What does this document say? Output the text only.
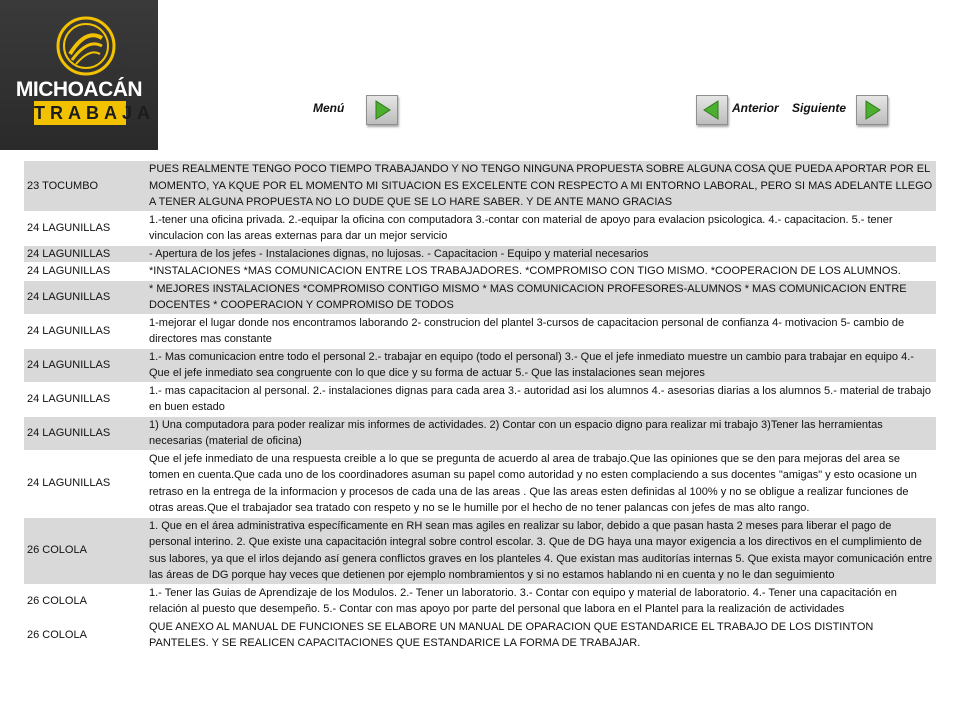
MICHOACÁN
TRABAJA	Menú	Anterior Siguiente
23 TOCUMBO	PUES REALMENTE TENGO POCO TIEMPO TRABAJANDO Y NO TENGO NINGUNA PROPUESTA SOBRE ALGUNA COSA QUE PUEDA APORTAR POR EL MOMENTO, YA KQUE POR EL MOMENTO MI SITUACION ES EXCELENTE CON RESPECTO A MI ENTORNO LABORAL, PERO SI MAS ADELANTE LLEGO A TENER ALGUNA PROPUESTA NO LO DUDE QUE SE LO HARE SABER. Y DE ANTE MANO GRACIAS
24 LAGUNILLAS	1.-tener una oficina privada. 2.-equipar la oficina con computadora 3.-contar con material de apoyo para evalacion psicologica. 4.- capacitacion. 5.- tener vinculacion con las areas externas para dar un mejor servicio
24 LAGUNILLAS	- Apertura de los jefes - Instalaciones dignas, no lujosas. - Capacitacion - Equipo y material necesarios
24 LAGUNILLAS	*INSTALACIONES *MAS COMUNICACION ENTRE LOS TRABAJADORES. *COMPROMISO CON TIGO MISMO. *COOPERACION DE LOS ALUMNOS.
24 LAGUNILLAS	* MEJORES INSTALACIONES *COMPROMISO CONTIGO MISMO * MAS COMUNICACION PROFESORES-ALUMNOS * MAS COMUNICACION ENTRE DOCENTES * COOPERACION Y COMPROMISO DE TODOS
24 LAGUNILLAS	1-mejorar el lugar donde nos encontramos laborando 2- construcion del plantel 3-cursos de capacitacion personal de confianza 4- motivacion 5- cambio de directores mas constante
24 LAGUNILLAS	1.- Mas comunicacion entre todo el personal 2.- trabajar en equipo (todo el personal) 3.- Que el jefe inmediato muestre un cambio para trabajar en equipo 4.- Que el jefe inmediato sea congruente con lo que dice y su forma de actuar 5.- Que las instalaciones sean mejores
24 LAGUNILLAS	1.- mas capacitacion al personal. 2.- instalaciones dignas para cada area 3.- autoridad asi los alumnos 4.- asesorias diarias a los alumnos 5.- material de trabajo en buen estado
24 LAGUNILLAS	1) Una computadora para poder realizar mis informes de actividades. 2) Contar con un espacio digno para realizar mi trabajo 3)Tener las herramientas necesarias (material de oficina)
24 LAGUNILLAS	Que el jefe inmediato de una respuesta creible a lo que se pregunta de acuerdo al area de trabajo.Que las opiniones que se den para mejoras del area se tomen en cuenta.Que cada uno de los coordinadores asuman su papel como autoridad y no esten complaciendo a sus docentes "amigas" y esto ocasione un retraso en la entrega de la informacion y procesos de cada una de las areas . Que las areas esten definidas al 100% y no se obligue a realizar funciones de otras areas.Que el trabajador sea tratado con respeto y no se le humille por el hecho de no tener palancas con jefes de mas alto rango.
26 COLOLA	1. Que en el área administrativa específicamente en RH sean mas agiles en realizar su labor, debido a que pasan hasta 2 meses para liberar el pago de personal interino. 2. Que existe una capacitación integral sobre control escolar. 3. Que de DG haya una mayor exigencia a los directivos en el cumplimiento de sus labores, ya que el irlos dejando así genera conflictos graves en los planteles 4. Que existan mas auditorías internas 5. Que exista mayor comunicación entre las áreas de DG porque hay veces que detienen por ejemplo nombramientos y si no estamos hablando ni en cuenta y no le dan seguimiento
26 COLOLA	1.- Tener las Guias de Aprendizaje de los Modulos. 2.- Tener un laboratorio. 3.- Contar con equipo y material de laboratorio. 4.- Tener una capacitación en relación al puesto que desempeño. 5.- Contar con mas apoyo por parte del personal que labora en el Plantel para la realización de actividades
26 COLOLA	QUE ANEXO AL MANUAL DE FUNCIONES SE ELABORE UN MANUAL DE OPARACION QUE ESTANDARICE EL TRABAJO DE LOS DISTINTON PANTELES. Y SE REALICEN CAPACITACIONES QUE ESTANDARICE LA FORMA DE TRABAJAR.
